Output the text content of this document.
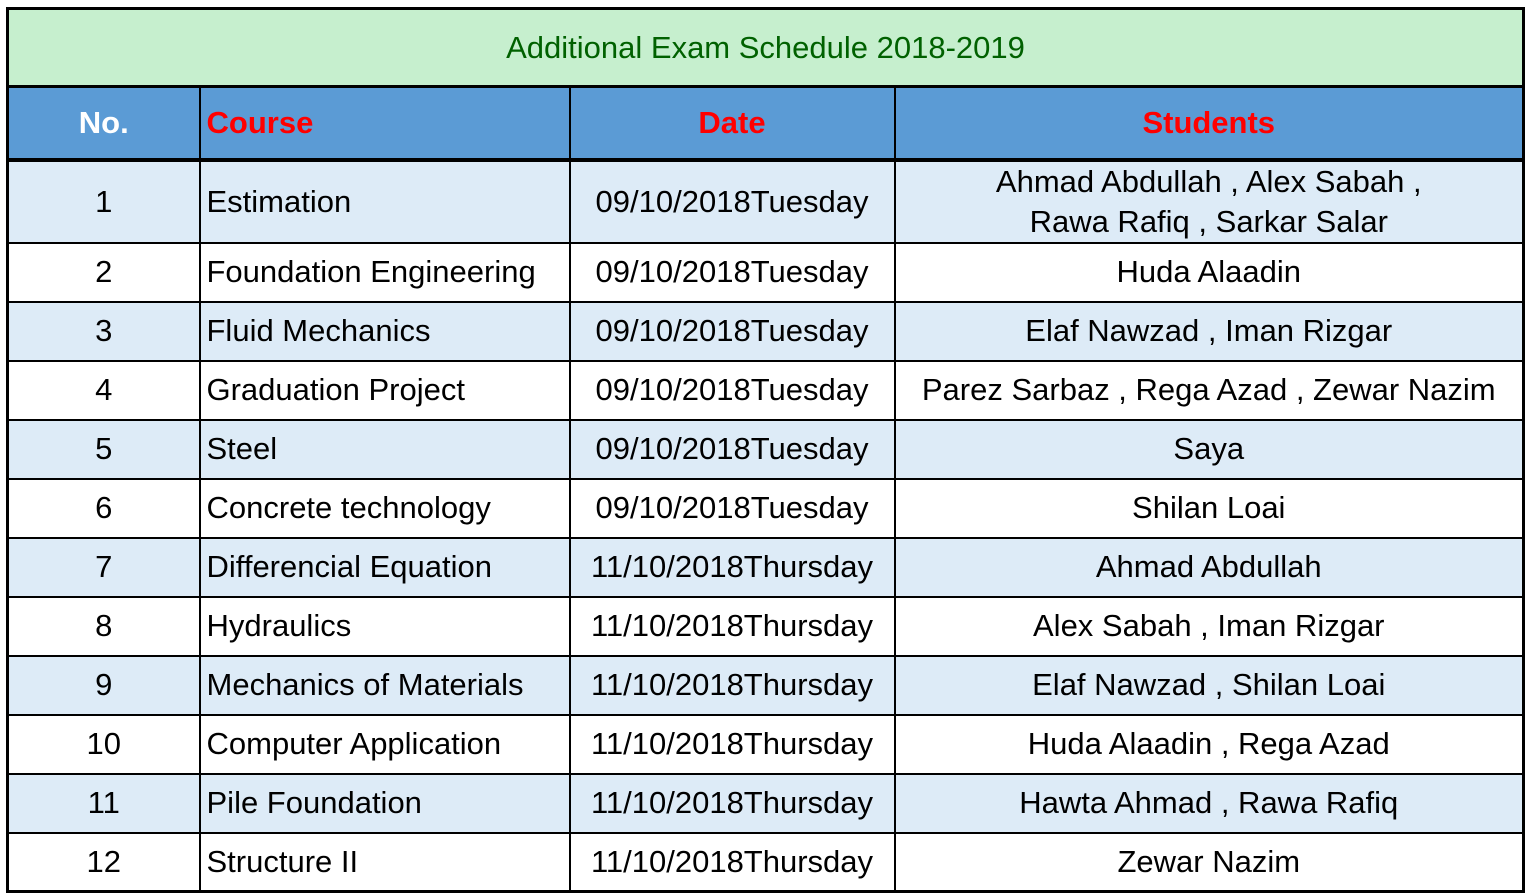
Additional Exam Schedule 2018-2019			
No.	Course	Date	Students
1	Estimation	09/10/2018Tuesday	Ahmad Abdullah , Alex Sabah , Rawa Rafiq , Sarkar Salar
2	Foundation Engineering	09/10/2018Tuesday	Huda Alaadin
3	Fluid Mechanics	09/10/2018Tuesday	Elaf Nawzad , Iman Rizgar
4	Graduation Project	09/10/2018Tuesday	Parez Sarbaz , Rega Azad , Zewar Nazim
5	Steel	09/10/2018Tuesday	Saya
6	Concrete technology	09/10/2018Tuesday	Shilan Loai
7	Differencial Equation	11/10/2018Thursday	Ahmad Abdullah
8	Hydraulics	11/10/2018Thursday	Alex Sabah , Iman Rizgar
9	Mechanics of Materials	11/10/2018Thursday	Elaf Nawzad , Shilan Loai
10	Computer Application	11/10/2018Thursday	Huda Alaadin , Rega Azad
11	Pile Foundation	11/10/2018Thursday	Hawta Ahmad , Rawa Rafiq
12	Structure II	11/10/2018Thursday	Zewar Nazim
